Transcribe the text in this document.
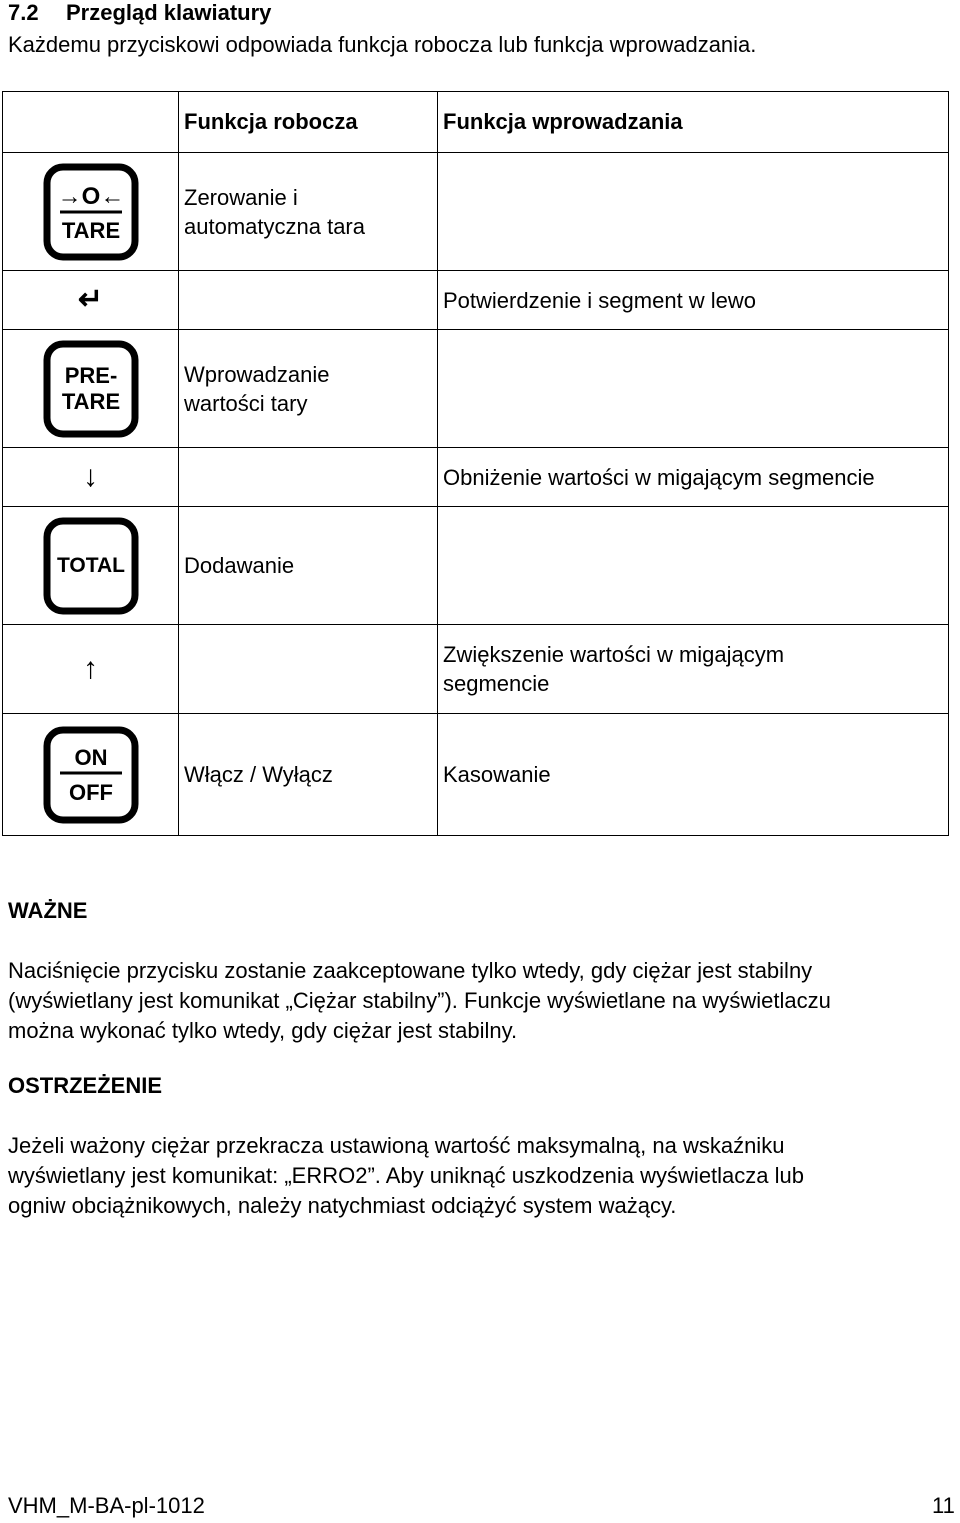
7.2 Przegląd klawiatury
Każdemu przyciskowi odpowiada funkcja robocza lub funkcja wprowadzania.
	Funkcja robocza	Funkcja wprowadzania

→O←
TARE	Zerowanie i
automatyczna tara	

↵		Potwierdzenie i segment w lewo

PRE-
TARE	Wprowadzanie
wartości tary	

↓		Obniżenie wartości w migającym segmencie

TOTAL	Dodawanie	

↑		Zwiększenie wartości w migającym
segmencie

ON
OFF	Włącz / Wyłącz	Kasowanie
WAŻNE
Naciśnięcie przycisku zostanie zaakceptowane tylko wtedy, gdy ciężar jest stabilny
(wyświetlany jest komunikat „Ciężar stabilny”). Funkcje wyświetlane na wyświetlaczu
można wykonać tylko wtedy, gdy ciężar jest stabilny.
OSTRZEŻENIE
Jeżeli ważony ciężar przekracza ustawioną wartość maksymalną, na wskaźniku
wyświetlany jest komunikat: „ERRO2”. Aby uniknąć uszkodzenia wyświetlacza lub
ogniw obciążnikowych, należy natychmiast odciążyć system ważący.
VHM_M-BA-pl-1012	11
